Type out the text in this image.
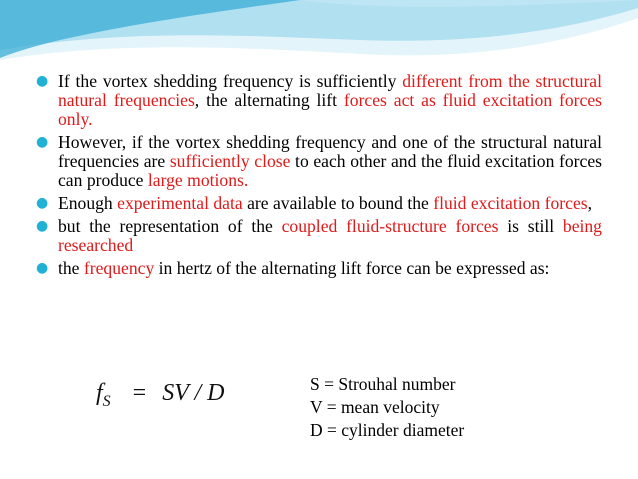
● If the vortex shedding frequency is sufficiently different from the structural natural frequencies, the alternating lift forces act as fluid excitation forces only.
● However, if the vortex shedding frequency and one of the structural natural frequencies are sufficiently close to each other and the fluid excitation forces can produce large motions.
● Enough experimental data are available to bound the fluid excitation forces,
● but the representation of the coupled fluid-structure forces is still being researched
● the frequency in hertz of the alternating lift force can be expressed as:
$f_S$ = SV / D	S = Strouhal number
V = mean velocity
D = cylinder diameter
